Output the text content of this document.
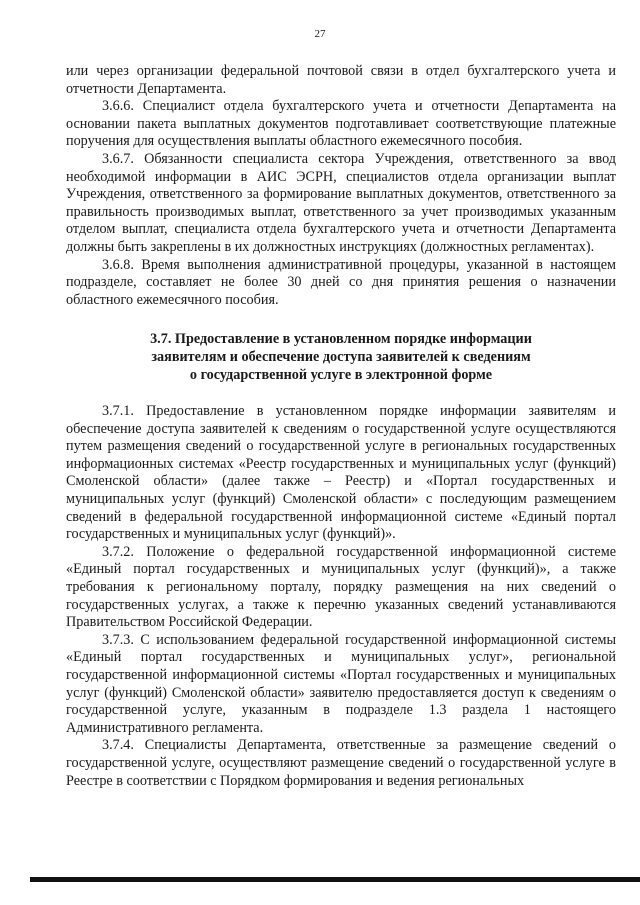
27

или через организации федеральной почтовой связи в отдел бухгалтерского учета и отчетности Департамента.

3.6.6. Специалист отдела бухгалтерского учета и отчетности Департамента на основании пакета выплатных документов подготавливает соответствующие платежные поручения для осуществления выплаты областного ежемесячного пособия.

3.6.7. Обязанности специалиста сектора Учреждения, ответственного за ввод необходимой информации в АИС ЭСРН, специалистов отдела организации выплат Учреждения, ответственного за формирование выплатных документов, ответственного за правильность производимых выплат, ответственного за учет производимых указанным отделом выплат, специалиста отдела бухгалтерского учета и отчетности Департамента должны быть закреплены в их должностных инструкциях (должностных регламентах).

3.6.8. Время выполнения административной процедуры, указанной в настоящем подразделе, составляет не более 30 дней со дня принятия решения о назначении областного ежемесячного пособия.

3.7. Предоставление в установленном порядке информации
заявителям и обеспечение доступа заявителей к сведениям
о государственной услуге в электронной форме

3.7.1. Предоставление в установленном порядке информации заявителям и обеспечение доступа заявителей к сведениям о государственной услуге осуществляются путем размещения сведений о государственной услуге в региональных государственных информационных системах «Реестр государственных и муниципальных услуг (функций) Смоленской области» (далее также – Реестр) и «Портал государственных и муниципальных услуг (функций) Смоленской области» с последующим размещением сведений в федеральной государственной информационной системе «Единый портал государственных и муниципальных услуг (функций)».

3.7.2. Положение о федеральной государственной информационной системе «Единый портал государственных и муниципальных услуг (функций)», а также требования к региональному порталу, порядку размещения на них сведений о государственных услугах, а также к перечню указанных сведений устанавливаются Правительством Российской Федерации.

3.7.3. С использованием федеральной государственной информационной системы «Единый портал государственных и муниципальных услуг», региональной государственной информационной системы «Портал государственных и муниципальных услуг (функций) Смоленской области» заявителю предоставляется доступ к сведениям о государственной услуге, указанным в подразделе 1.3 раздела 1 настоящего Административного регламента.

3.7.4. Специалисты Департамента, ответственные за размещение сведений о государственной услуге, осуществляют размещение сведений о государственной услуге в Реестре в соответствии с Порядком формирования и ведения региональных
